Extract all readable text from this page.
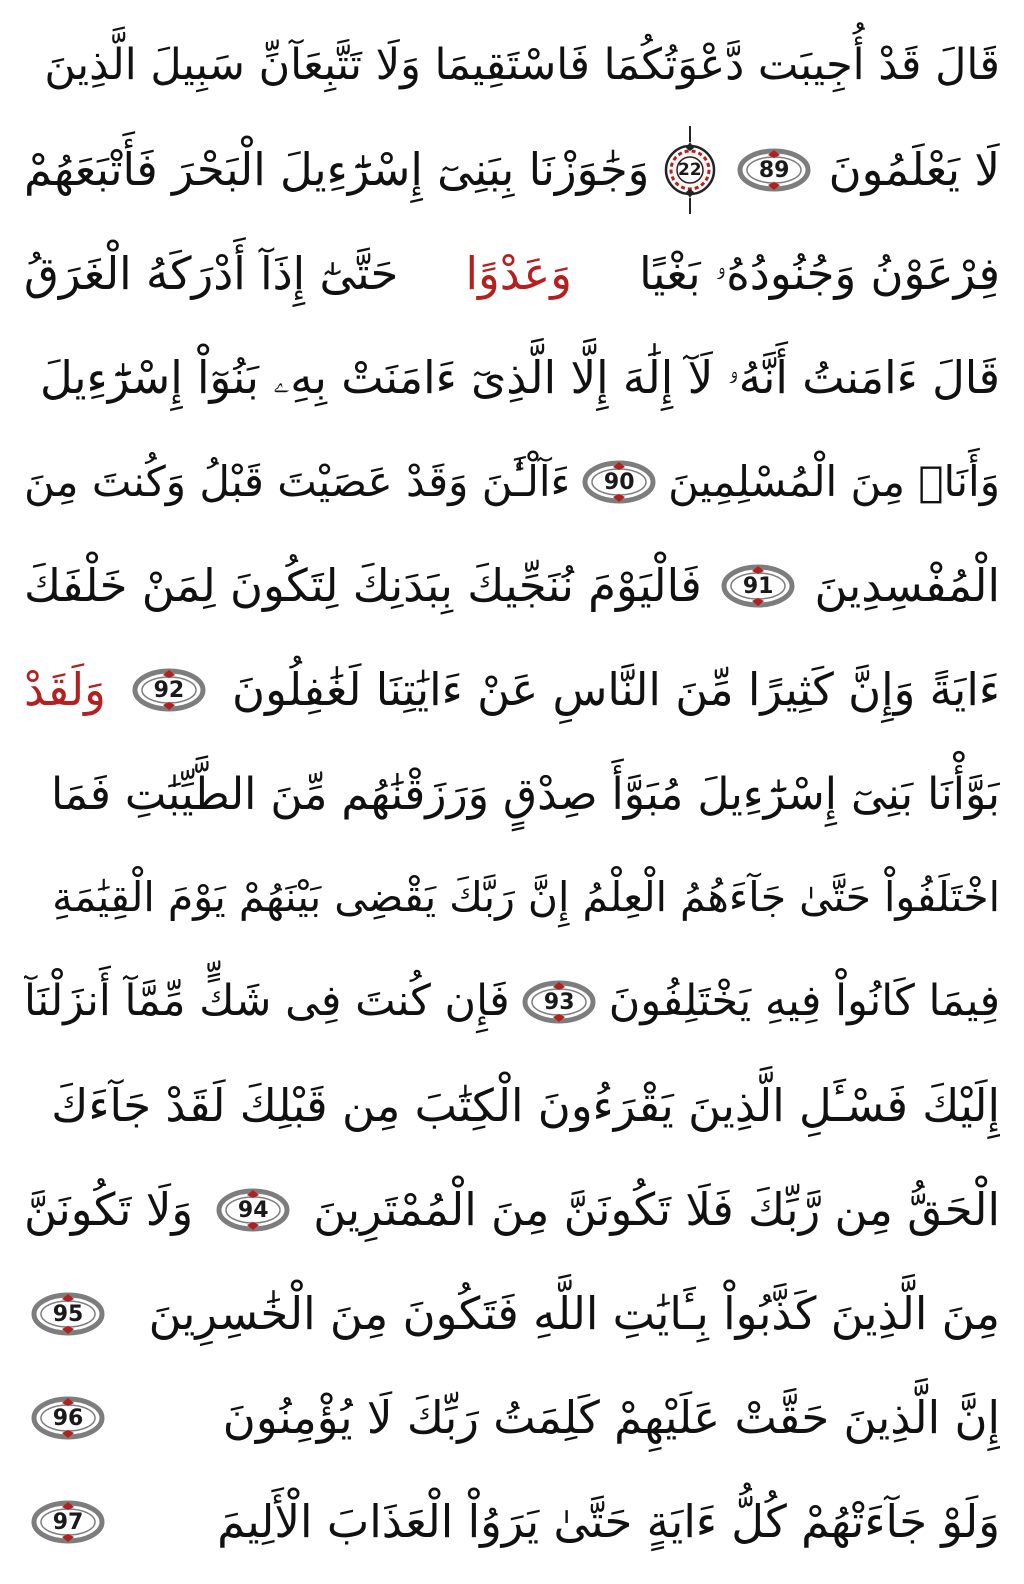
قَالَ قَدْ أُجِيبَت دَّعْوَتُكُمَا فَاسْتَقِيمَا وَلَا تَتَّبِعَآنِّ سَبِيلَ الَّذِينَ
لَا يَعْلَمُونَ
89
22
وَجَٰوَزْنَا بِبَنِىٓ إِسْرَٰٓءِيلَ الْبَحْرَ فَأَتْبَعَهُمْ
فِرْعَوْنُ وَجُنُودُهُۥ بَغْيًا
وَعَدْوًا
حَتَّىٰٓ إِذَآ أَدْرَكَهُ الْغَرَقُ
قَالَ ءَامَنتُ أَنَّهُۥ لَآ إِلَٰهَ إِلَّا الَّذِىٓ ءَامَنَتْ بِهِۦ بَنُوٓاْ إِسْرَٰٓءِيلَ
وَأَنَا۠ مِنَ الْمُسْلِمِينَ
90
ءَآلْـَٰٔنَ وَقَدْ عَصَيْتَ قَبْلُ وَكُنتَ مِنَ
الْمُفْسِدِينَ
91
فَالْيَوْمَ نُنَجِّيكَ بِبَدَنِكَ لِتَكُونَ لِمَنْ خَلْفَكَ
ءَايَةً وَإِنَّ كَثِيرًا مِّنَ النَّاسِ عَنْ ءَايَٰتِنَا لَغَٰفِلُونَ
92
وَلَقَدْ
بَوَّأْنَا بَنِىٓ إِسْرَٰٓءِيلَ مُبَوَّأَ صِدْقٍ وَرَزَقْنَٰهُم مِّنَ الطَّيِّبَٰتِ فَمَا
اخْتَلَفُواْ حَتَّىٰ جَآءَهُمُ الْعِلْمُ إِنَّ رَبَّكَ يَقْضِى بَيْنَهُمْ يَوْمَ الْقِيَٰمَةِ
فِيمَا كَانُواْ فِيهِ يَخْتَلِفُونَ
93
فَإِن كُنتَ فِى شَكٍّ مِّمَّآ أَنزَلْنَآ
إِلَيْكَ فَسْـَٔلِ الَّذِينَ يَقْرَءُونَ الْكِتَٰبَ مِن قَبْلِكَ لَقَدْ جَآءَكَ
الْحَقُّ مِن رَّبِّكَ فَلَا تَكُونَنَّ مِنَ الْمُمْتَرِينَ
94
وَلَا تَكُونَنَّ
مِنَ الَّذِينَ كَذَّبُواْ بِـَٔايَٰتِ اللَّهِ فَتَكُونَ مِنَ الْخَٰسِرِينَ
95
إِنَّ الَّذِينَ حَقَّتْ عَلَيْهِمْ كَلِمَتُ رَبِّكَ لَا يُؤْمِنُونَ
96
وَلَوْ جَآءَتْهُمْ كُلُّ ءَايَةٍ حَتَّىٰ يَرَوُاْ الْعَذَابَ الْأَلِيمَ
97
